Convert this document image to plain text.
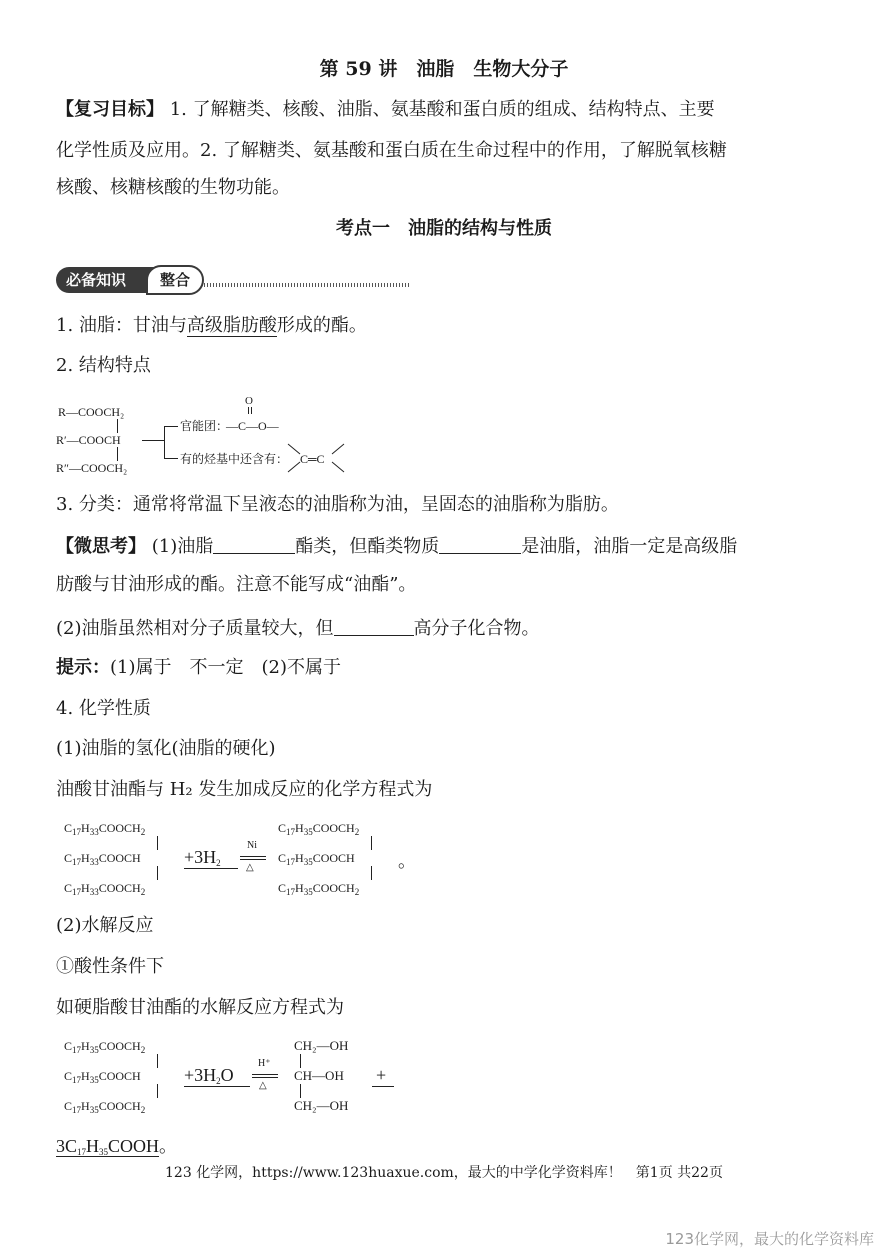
第 59 讲　油脂　生物大分子
【复习目标】 1. 了解糖类、核酸、油脂、氨基酸和蛋白质的组成、结构特点、主要
化学性质及应用。2. 了解糖类、氨基酸和蛋白质在生命过程中的作用，了解脱氧核糖
核酸、核糖核酸的生物功能。
考点一　油脂的结构与性质
必备知识	整合
1. 油脂：甘油与高级脂肪酸形成的酯。
2. 结构特点
R—COOCH₂
R′—COOCH
R″—COOCH₂
官能团：
O
—C—O—
有的烃基中还含有： C═C
3. 分类：通常将常温下呈液态的油脂称为油，呈固态的油脂称为脂肪。
【微思考】 (1)油脂	酯类，但酯类物质	是油脂，油脂一定是高级脂
肪酸与甘油形成的酯。注意不能写成“油酯”。
(2)油脂虽然相对分子质量较大，但	高分子化合物。
提示：(1)属于　不一定　(2)不属于
4. 化学性质
(1)油脂的氢化(油脂的硬化)
油酸甘油酯与 H₂ 发生加成反应的化学方程式为
$C_{17}H_{33}COOCH_2$
$C_{17}H_{33}COOCH$
$C_{17}H_{33}COOCH_2$
$+3H_2$
Ni
△
$C_{17}H_{35}COOCH_2$
$C_{17}H_{35}COOCH$
$C_{17}H_{35}COOCH_2$
。
(2)水解反应
①酸性条件下
如硬脂酸甘油酯的水解反应方程式为
$C_{17}H_{35}COOCH_2$
$C_{17}H_{35}COOCH$
$C_{17}H_{35}COOCH_2$
$+3H_2O$
H⁺
△
CH₂—OH
CH—OH
CH₂—OH
+
$3C_{17}H_{35}COOH$。
123 化学网，https://www.123huaxue.com，最大的中学化学资料库！　第1页 共22页
123化学网，最大的化学资料库
